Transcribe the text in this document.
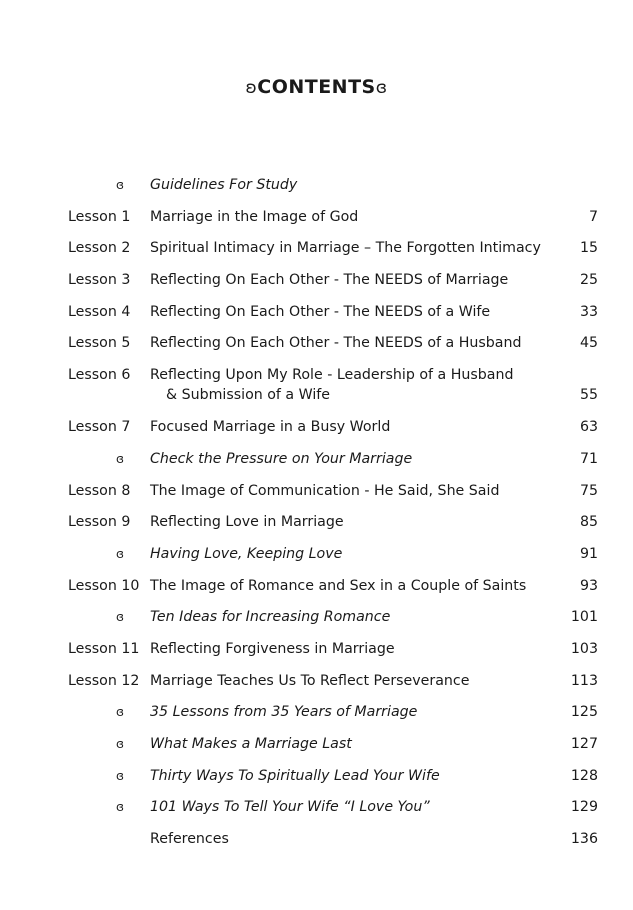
ʚCONTENTSɞ
ɞ Guidelines For Study
Lesson 1 Marriage in the Image of God	7
Lesson 2 Spiritual Intimacy in Marriage – The Forgotten Intimacy	15
Lesson 3 Reflecting On Each Other - The NEEDS of Marriage	25
Lesson 4 Reflecting On Each Other - The NEEDS of a Wife	33
Lesson 5 Reflecting On Each Other - The NEEDS of a Husband	45
Lesson 6 Reflecting Upon My Role - Leadership of a Husband
& Submission of a Wife	55
Lesson 7 Focused Marriage in a Busy World	63
ɞ Check the Pressure on Your Marriage	71
Lesson 8 The Image of Communication - He Said, She Said	75
Lesson 9 Reflecting Love in Marriage	85
ɞ Having Love, Keeping Love	91
Lesson 10 The Image of Romance and Sex in a Couple of Saints	93
ɞ Ten Ideas for Increasing Romance	101
Lesson 11 Reflecting Forgiveness in Marriage	103
Lesson 12 Marriage Teaches Us To Reflect Perseverance	113
ɞ 35 Lessons from 35 Years of Marriage	125
ɞ What Makes a Marriage Last	127
ɞ Thirty Ways To Spiritually Lead Your Wife	128
ɞ 101 Ways To Tell Your Wife “I Love You”	129
References	136
